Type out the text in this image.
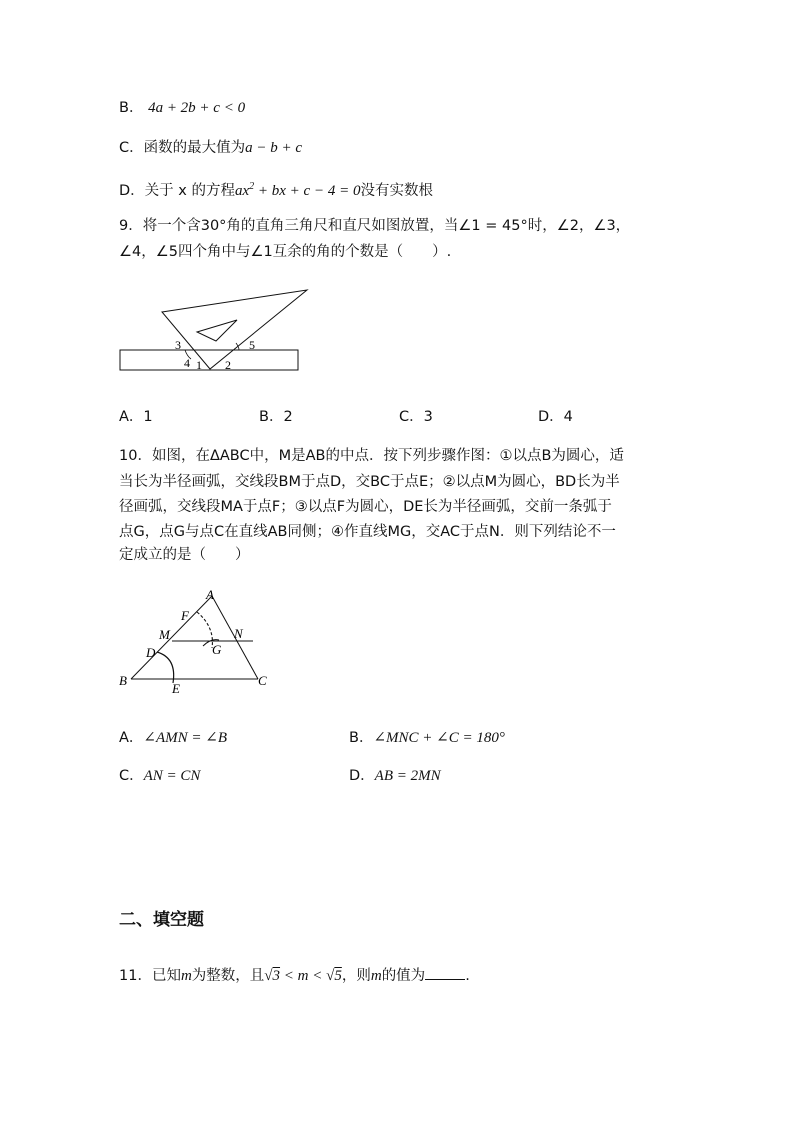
B． 4a + 2b + c < 0
C．函数的最大值为a − b + c
D．关于 x 的方程$ax^2$ + bx + c − 4 = 0没有实数根
9．将一个含30°角的直角三角尺和直尺如图放置，当∠1 = 45°时，∠2，∠3，
∠4，∠5四个角中与∠1互余的角的个数是（　　）.
3	5
4 1 2
A．1	B．2	C．3	D．4
10．如图，在ΔABC中，M是AB的中点．按下列步骤作图：①以点B为圆心，适
当长为半径画弧，交线段BM于点D，交BC于点E；②以点M为圆心，BD长为半
径画弧，交线段MA于点F；③以点F为圆心，DE长为半径画弧，交前一条弧于
点G，点G与点C在直线AB同侧；④作直线MG，交AC于点N．则下列结论不一
定成立的是（　　）
A
F
M	N
G
D
B
E
C
A．∠AMN = ∠B	B．∠MNC + ∠C = 180°
C．AN = CN	D．AB = 2MN
二、填空题
11．已知m为整数，且√3 < m < √5，则m的值为	.
